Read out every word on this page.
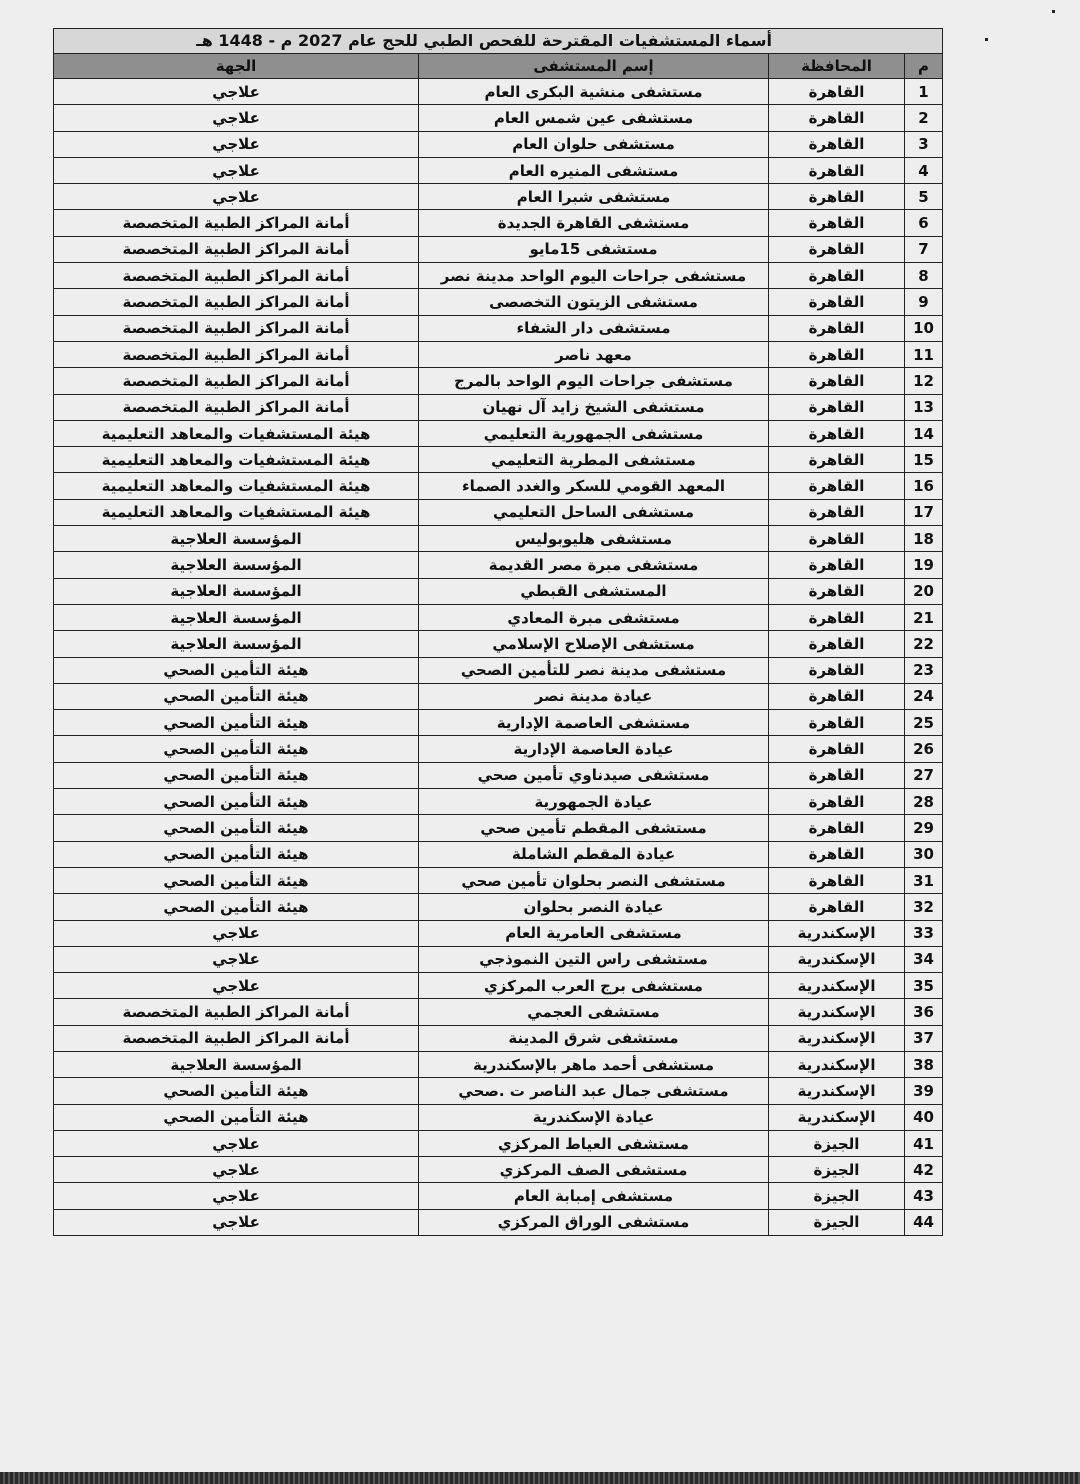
أسماء المستشفيات المقترحة للفحص الطبي للحج عام 2027 م - 1448 هـ			
م	المحافظة	إسم المستشفى	الجهة
1	القاهرة	مستشفى منشية البكرى العام	علاجي
2	القاهرة	مستشفى عين شمس العام	علاجي
3	القاهرة	مستشفى حلوان العام	علاجي
4	القاهرة	مستشفى المنيره العام	علاجي
5	القاهرة	مستشفى شبرا العام	علاجي
6	القاهرة	مستشفى القاهرة الجديدة	أمانة المراكز الطبية المتخصصة
7	القاهرة	مستشفى 15مايو	أمانة المراكز الطبية المتخصصة
8	القاهرة	مستشفى جراحات اليوم الواحد مدينة نصر	أمانة المراكز الطبية المتخصصة
9	القاهرة	مستشفى الزيتون التخصصى	أمانة المراكز الطبية المتخصصة
10	القاهرة	مستشفى دار الشفاء	أمانة المراكز الطبية المتخصصة
11	القاهرة	معهد ناصر	أمانة المراكز الطبية المتخصصة
12	القاهرة	مستشفى جراحات اليوم الواحد بالمرج	أمانة المراكز الطبية المتخصصة
13	القاهرة	مستشفى الشيخ زايد آل نهيان	أمانة المراكز الطبية المتخصصة
14	القاهرة	مستشفى الجمهورية التعليمي	هيئة المستشفيات والمعاهد التعليمية
15	القاهرة	مستشفى المطرية التعليمي	هيئة المستشفيات والمعاهد التعليمية
16	القاهرة	المعهد القومي للسكر والغدد الصماء	هيئة المستشفيات والمعاهد التعليمية
17	القاهرة	مستشفى الساحل التعليمي	هيئة المستشفيات والمعاهد التعليمية
18	القاهرة	مستشفى هليوبوليس	المؤسسة العلاجية
19	القاهرة	مستشفى مبرة مصر القديمة	المؤسسة العلاجية
20	القاهرة	المستشفى القبطي	المؤسسة العلاجية
21	القاهرة	مستشفى مبرة المعادي	المؤسسة العلاجية
22	القاهرة	مستشفى الإصلاح الإسلامي	المؤسسة العلاجية
23	القاهرة	مستشفى مدينة نصر للتأمين الصحي	هيئة التأمين الصحي
24	القاهرة	عيادة مدينة نصر	هيئة التأمين الصحي
25	القاهرة	مستشفى العاصمة الإدارية	هيئة التأمين الصحي
26	القاهرة	عيادة العاصمة الإدارية	هيئة التأمين الصحي
27	القاهرة	مستشفى صيدناوي تأمين صحي	هيئة التأمين الصحي
28	القاهرة	عيادة الجمهورية	هيئة التأمين الصحي
29	القاهرة	مستشفى المقطم تأمين صحي	هيئة التأمين الصحي
30	القاهرة	عيادة المقطم الشاملة	هيئة التأمين الصحي
31	القاهرة	مستشفى النصر بحلوان تأمين صحي	هيئة التأمين الصحي
32	القاهرة	عيادة النصر بحلوان	هيئة التأمين الصحي
33	الإسكندرية	مستشفى العامرية العام	علاجي
34	الإسكندرية	مستشفى راس التين النموذجي	علاجي
35	الإسكندرية	مستشفى برج العرب المركزي	علاجي
36	الإسكندرية	مستشفى العجمي	أمانة المراكز الطبية المتخصصة
37	الإسكندرية	مستشفى شرق المدينة	أمانة المراكز الطبية المتخصصة
38	الإسكندرية	مستشفى أحمد ماهر بالإسكندرية	المؤسسة العلاجية
39	الإسكندرية	مستشفى جمال عبد الناصر ت .صحي	هيئة التأمين الصحي
40	الإسكندرية	عيادة الإسكندرية	هيئة التأمين الصحي
41	الجيزة	مستشفى العياط المركزي	علاجي
42	الجيزة	مستشفى الصف المركزي	علاجي
43	الجيزة	مستشفى إمبابة العام	علاجي
44	الجيزة	مستشفى الوراق المركزي	علاجي
